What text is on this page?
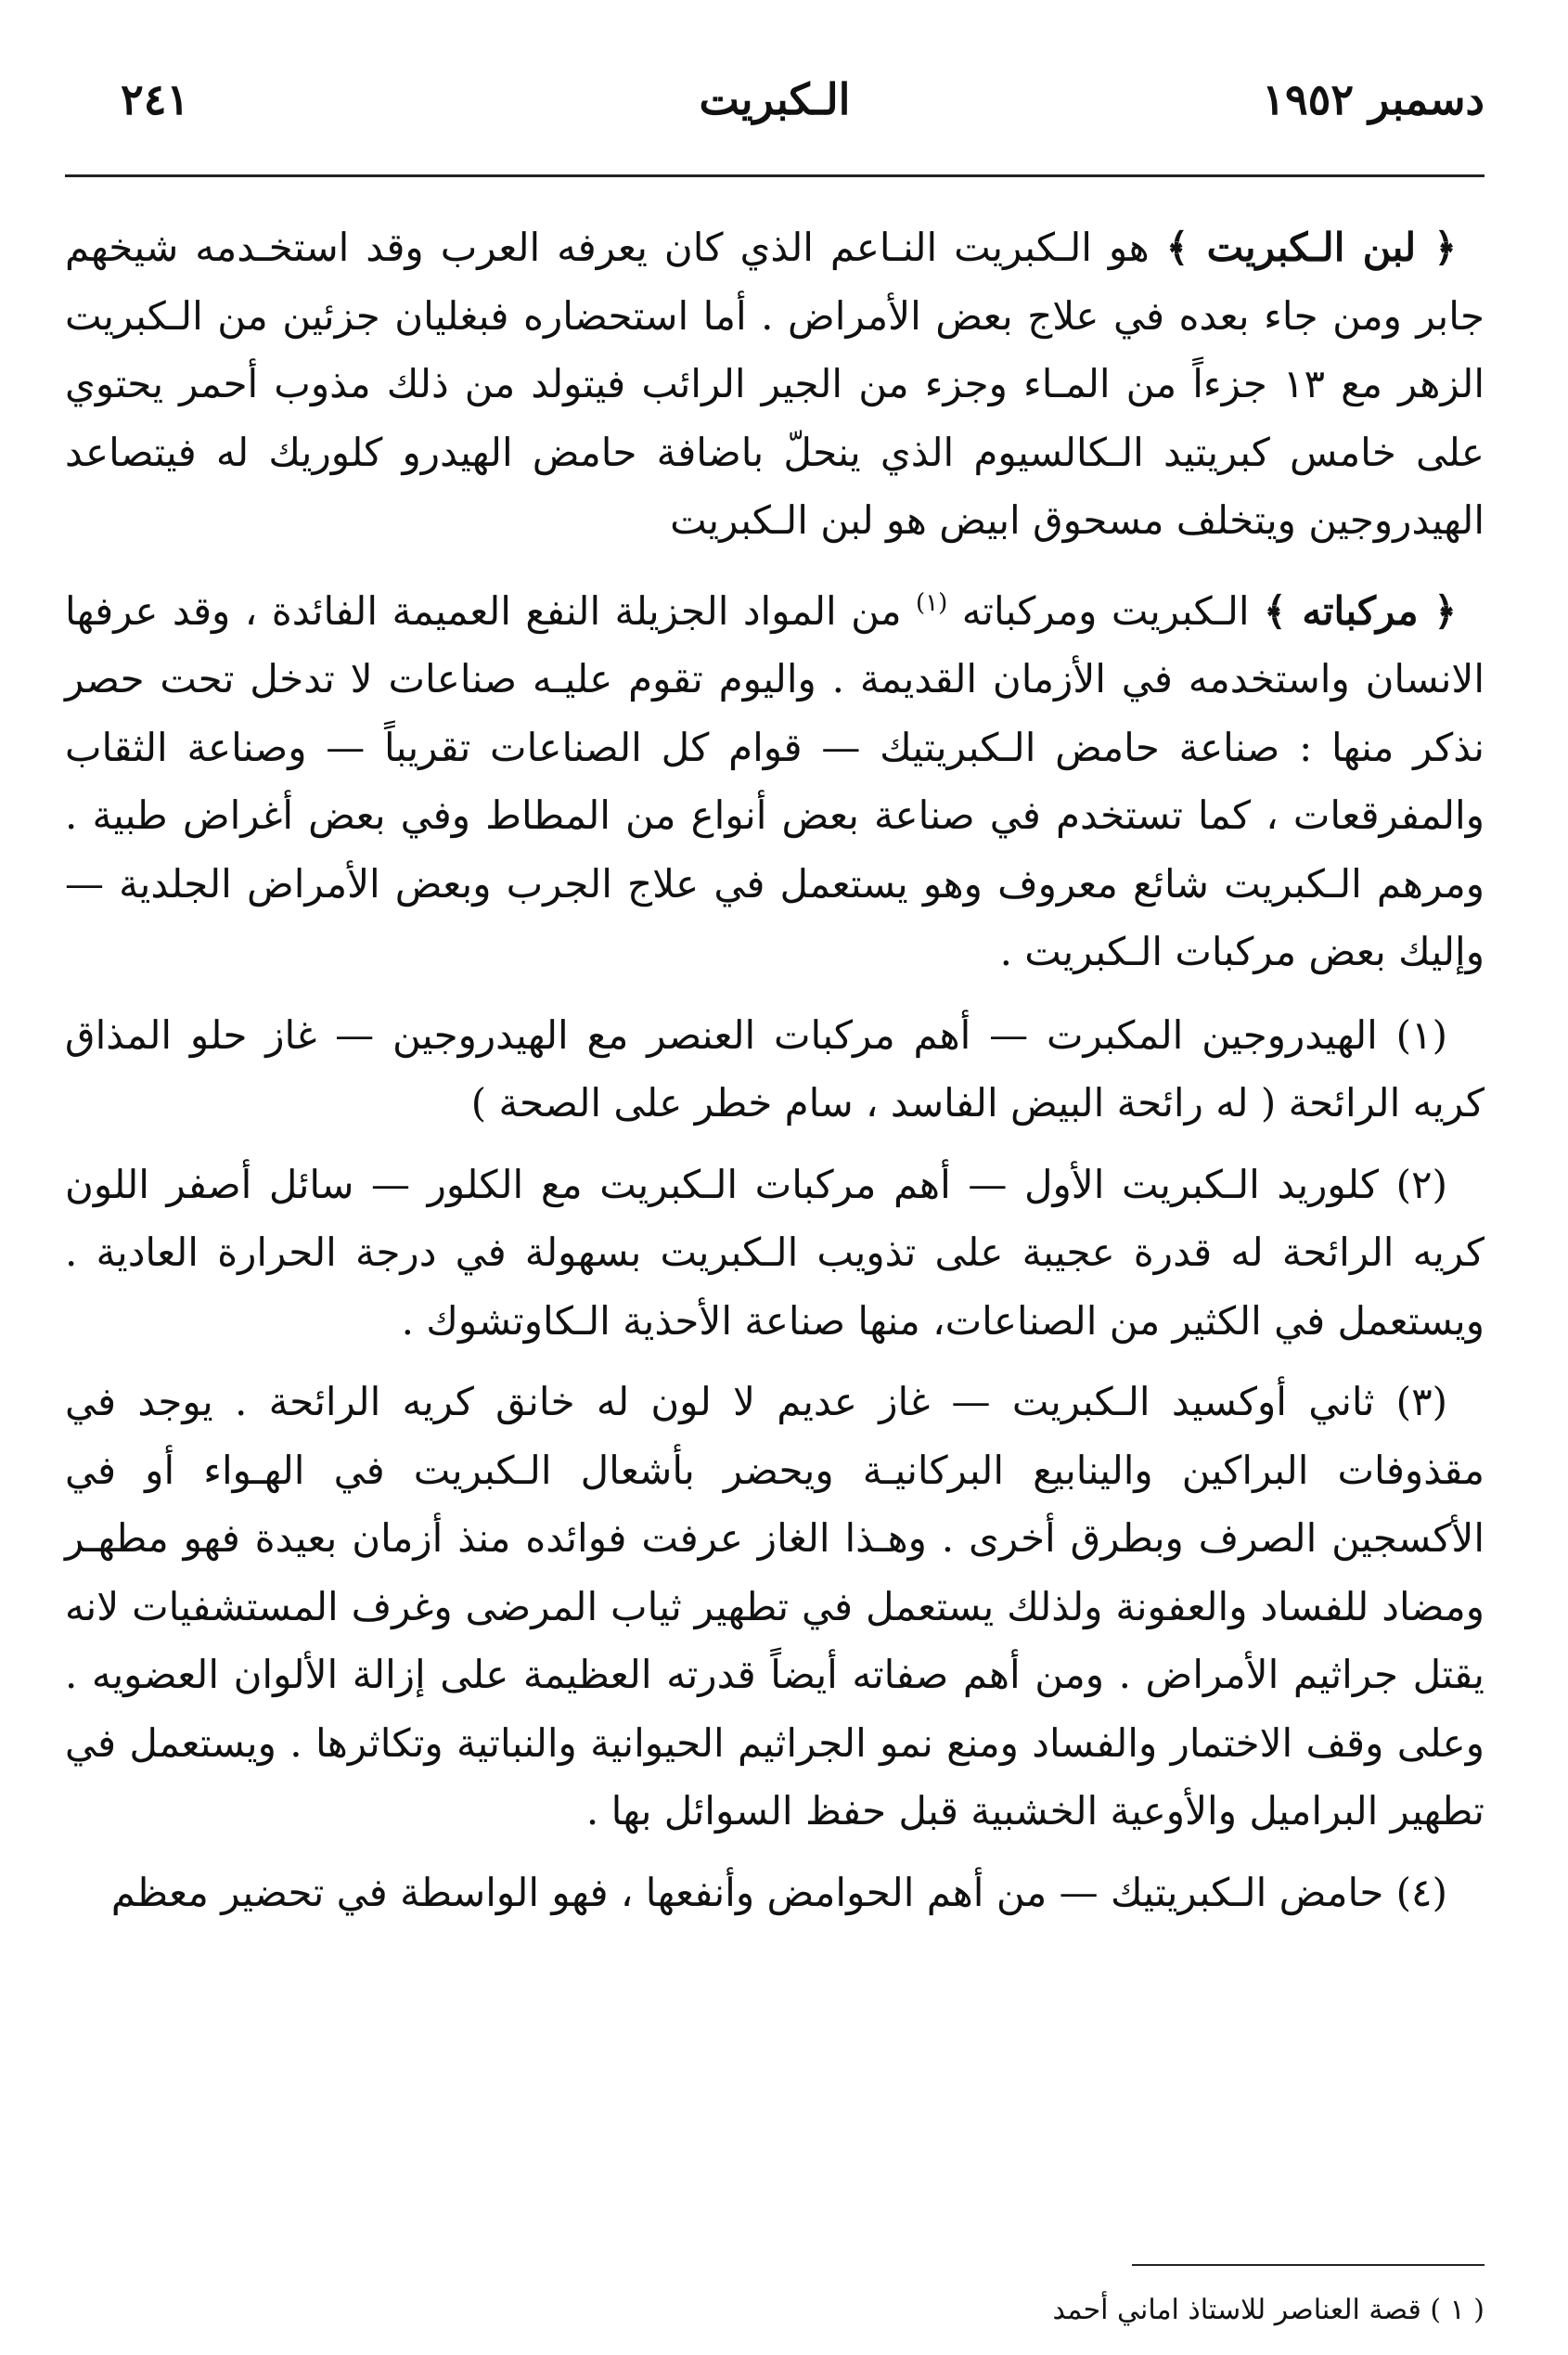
دسمبر ١٩٥٢
الـكبريت
٢٤١

﴿ لبن الـكبريت ﴾ هو الـكبريت النـاعم الذي كان يعرفه العرب وقد استخـدمه شيخهم جابر ومن جاء بعده في علاج بعض الأمراض . أما استحضاره فبغليان جزئين من الـكبريت الزهر مع ١٣ جزءاً من المـاء وجزء من الجير الرائب فيتولد من ذلك مذوب أحمر يحتوي على خامس كبريتيد الـكالسيوم الذي ينحلّ باضافة حامض الهيدرو كلوريك له فيتصاعد الهيدروجين ويتخلف مسحوق ابيض هو لبن الـكبريت

﴿ مركباته ﴾ الـكبريت ومركباته $^{(١)}$ من المواد الجزيلة النفع العميمة الفائدة ، وقد عرفها الانسان واستخدمه في الأزمان القديمة . واليوم تقوم عليـه صناعات لا تدخل تحت حصر نذكر منها : صناعة حامض الـكبريتيك — قوام كل الصناعات تقريباً — وصناعة الثقاب والمفرقعات ، كما تستخدم في صناعة بعض أنواع من المطاط وفي بعض أغراض طبية . ومرهم الـكبريت شائع معروف وهو يستعمل في علاج الجرب وبعض الأمراض الجلدية — وإليك بعض مركبات الـكبريت .

(١) الهيدروجين المكبرت — أهم مركبات العنصر مع الهيدروجين — غاز حلو المذاق كريه الرائحة ( له رائحة البيض الفاسد ، سام خطر على الصحة )

(٢) كلوريد الـكبريت الأول — أهم مركبات الـكبريت مع الكلور — سائل أصفر اللون كريه الرائحة له قدرة عجيبة على تذويب الـكبريت بسهولة في درجة الحرارة العادية . ويستعمل في الكثير من الصناعات، منها صناعة الأحذية الـكاوتشوك .

(٣) ثاني أوكسيد الـكبريت — غاز عديم لا لون له خانق كريه الرائحة . يوجد في مقذوفات البراكين والينابيع البركانيـة ويحضر بأشعال الـكبريت في الهـواء أو في الأكسجين الصرف وبطرق أخرى . وهـذا الغاز عرفت فوائده منذ أزمان بعيدة فهو مطهـر ومضاد للفساد والعفونة ولذلك يستعمل في تطهير ثياب المرضى وغرف المستشفيات لانه يقتل جراثيم الأمراض . ومن أهم صفاته أيضاً قدرته العظيمة على إزالة الألوان العضويه . وعلى وقف الاختمار والفساد ومنع نمو الجراثيم الحيوانية والنباتية وتكاثرها . ويستعمل في تطهير البراميل والأوعية الخشبية قبل حفظ السوائل بها .

(٤) حامض الـكبريتيك — من أهم الحوامض وأنفعها ، فهو الواسطة في تحضير معظم

( ١ ) قصة العناصر للاستاذ اماني أحمد
